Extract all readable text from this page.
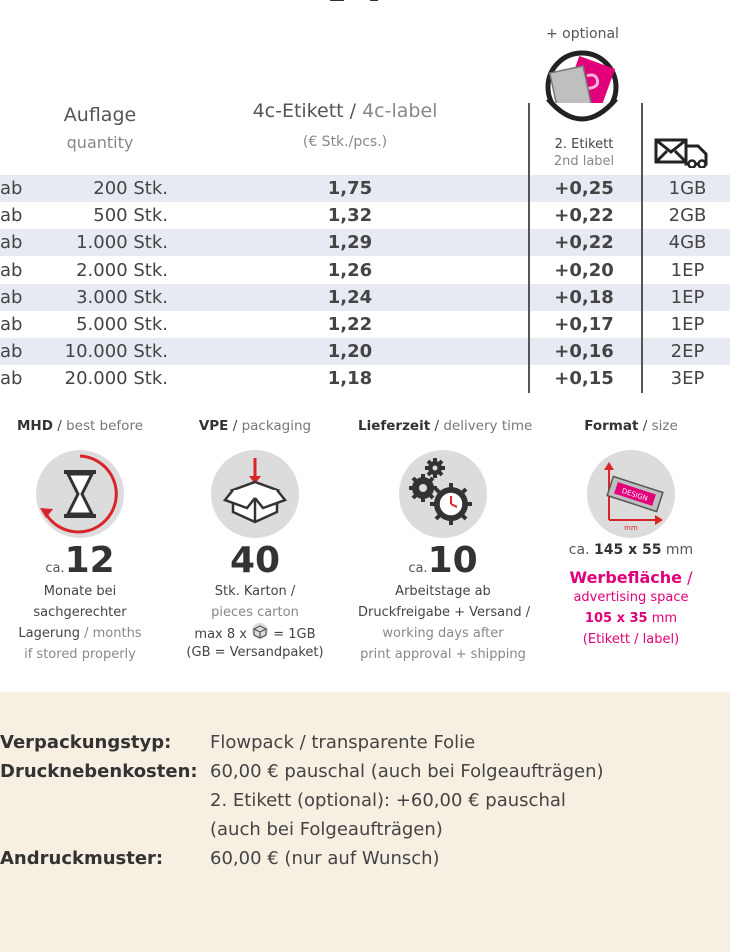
+ optional
Auflage
quantity
4c-Etikett / 4c-label
(€ Stk./pcs.)	2. Etikett
2nd label
ab	200 Stk.	1,75	+0,25	1GB
ab	500 Stk.	1,32	+0,22	2GB
ab	1.000 Stk.	1,29	+0,22	4GB
ab	2.000 Stk.	1,26	+0,20	1EP
ab	3.000 Stk.	1,24	+0,18	1EP
ab	5.000 Stk.	1,22	+0,17	1EP
ab 10.000 Stk.	1,20	+0,16	2EP
ab 20.000 Stk.	1,18	+0,15	3EP
MHD / best before
ca.12
Monate bei
sachgerechter
Lagerung / months
if stored properly
VPE / packaging
40
Stk. Karton /
pieces carton
max 8 x = 1GB
(GB = Versandpaket)
Lieferzeit / delivery time
ca.10
Arbeitstage ab
Druckfreigabe + Versand /
working days after
print approval + shipping
Format / size
DESIGN
mm
ca. 145 x 55 mm
Werbefläche /
advertising space
105 x 35 mm
(Etikett / label)
Verpackungstyp: Flowpack / transparente Folie
Drucknebenkosten: 60,00 € pauschal (auch bei Folgeaufträgen)
2. Etikett (optional): +60,00 € pauschal
(auch bei Folgeaufträgen)
Andruckmuster:	60,00 € (nur auf Wunsch)
